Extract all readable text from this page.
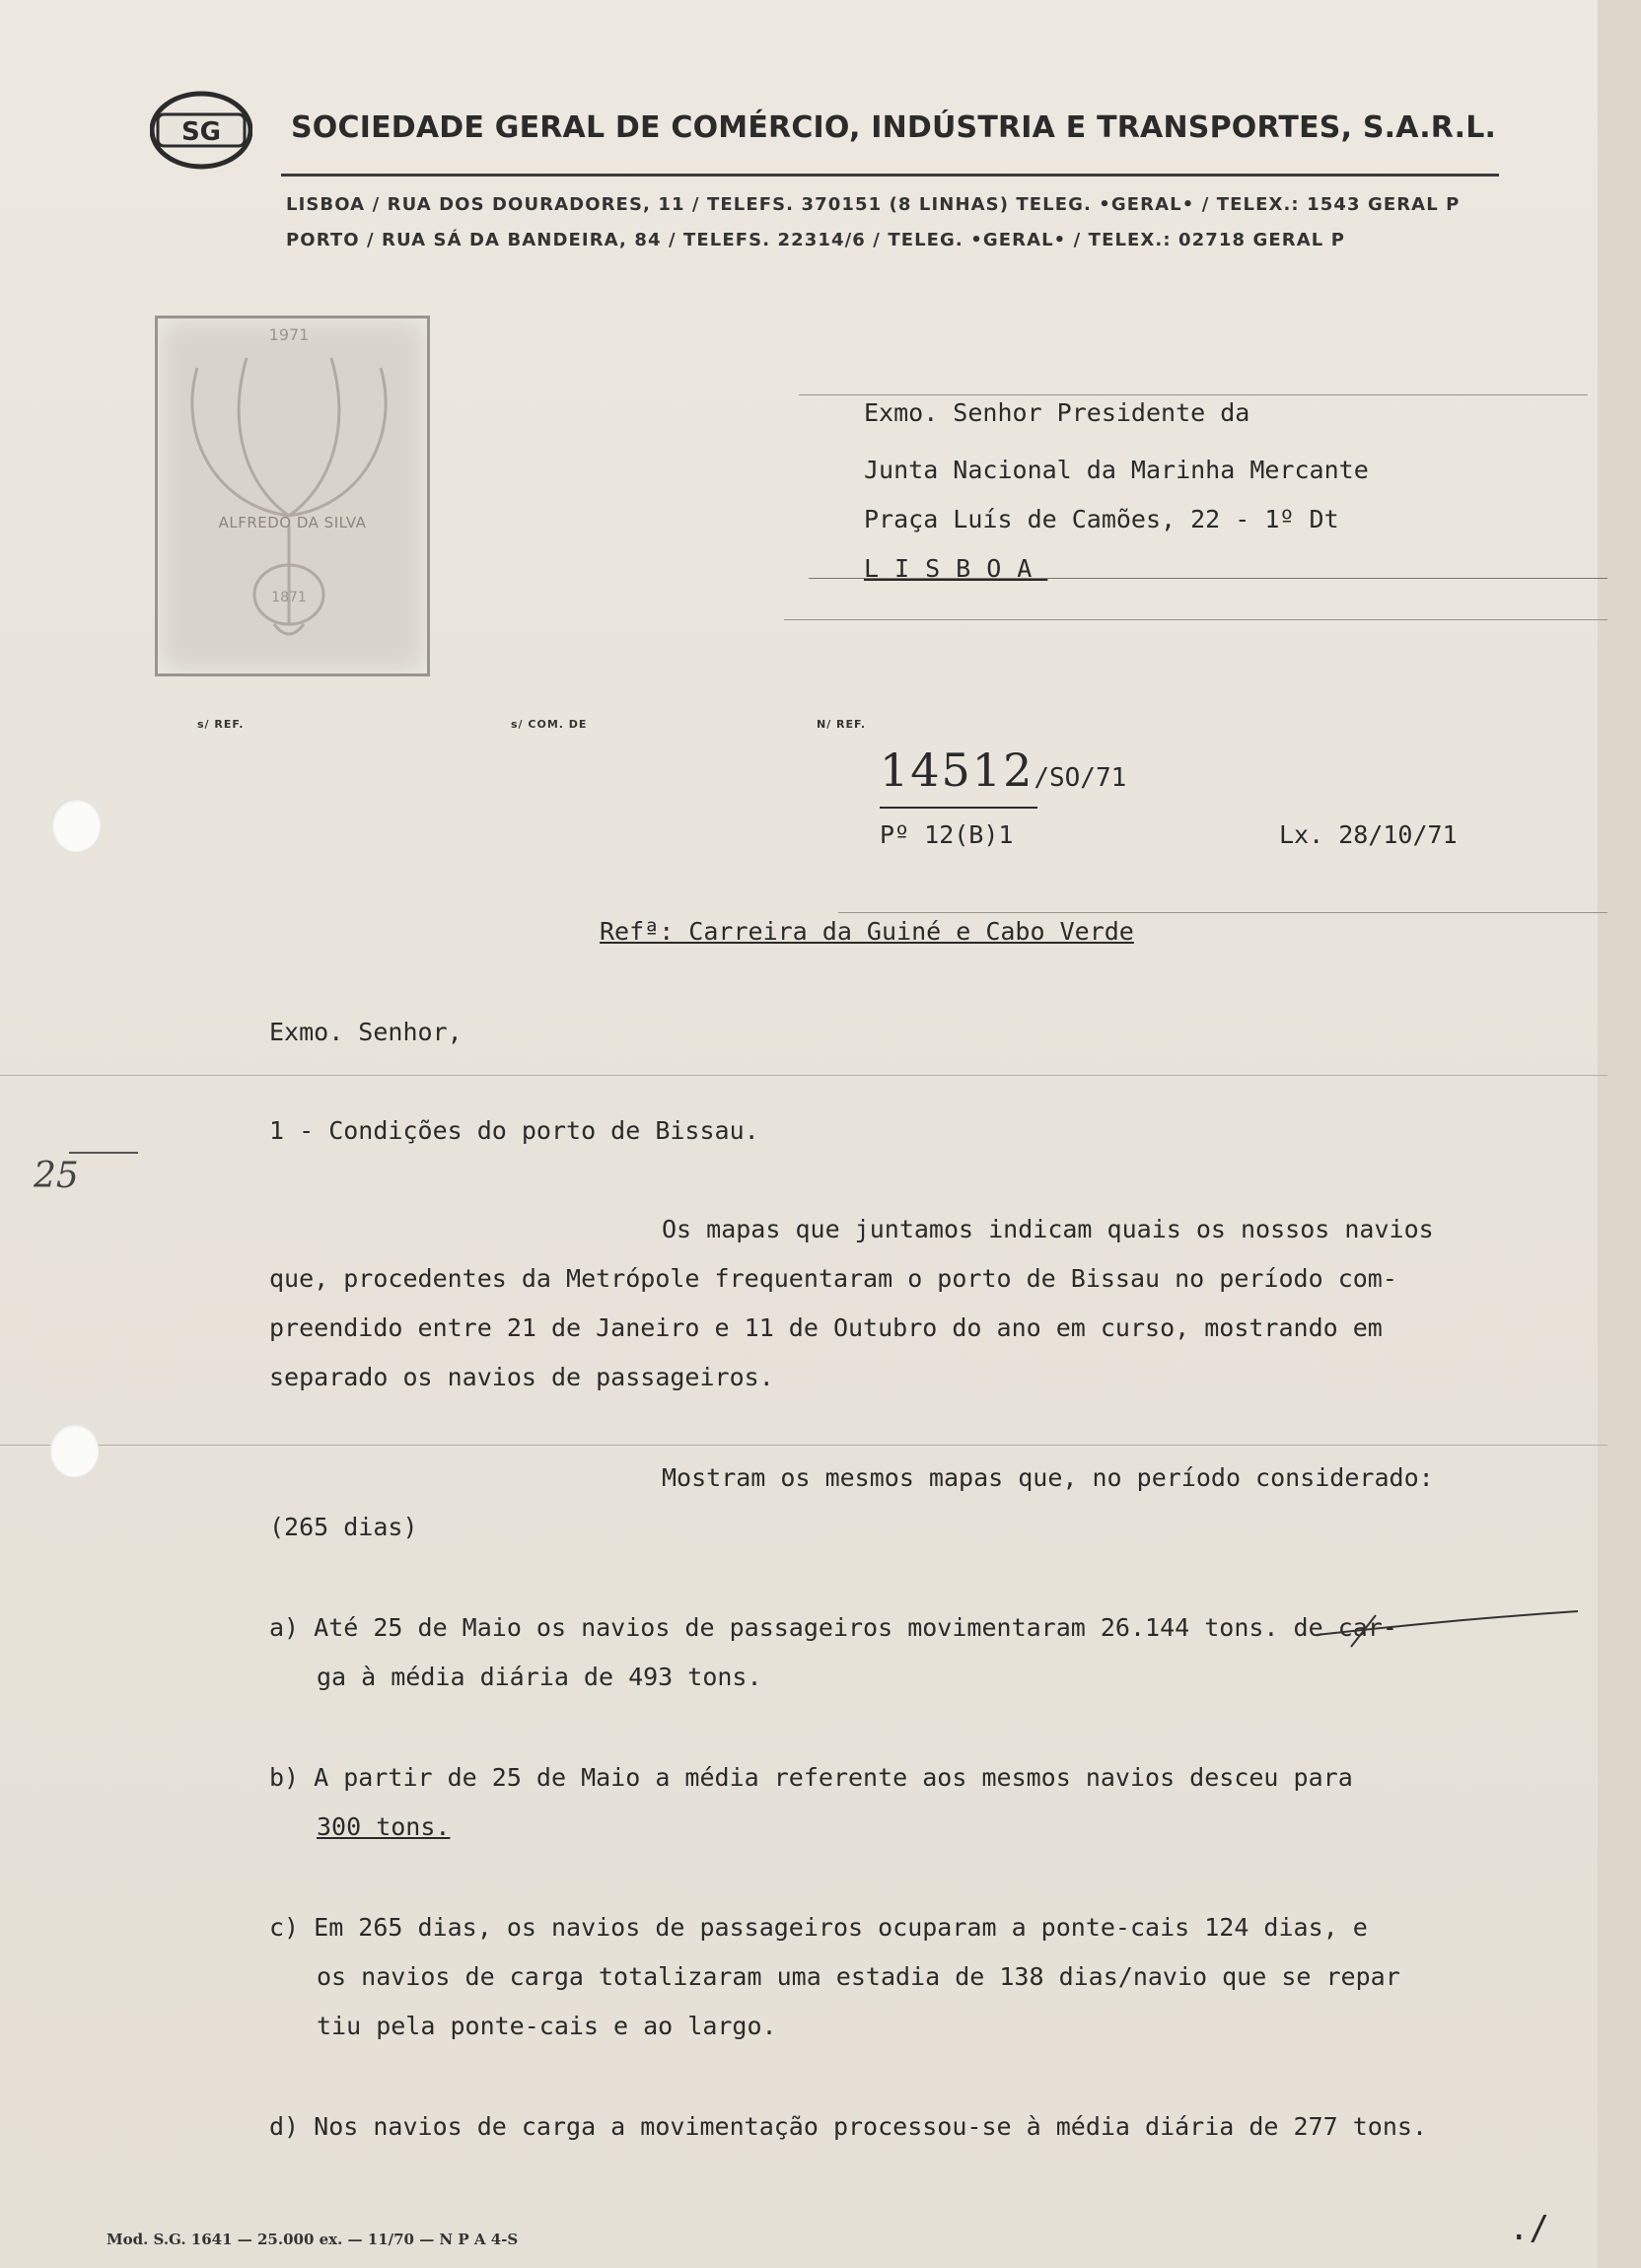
SG SOCIEDADE GERAL DE COMÉRCIO, INDÚSTRIA E TRANSPORTES, S.A.R.L.
LISBOA / RUA DOS DOURADORES, 11 / TELEFS. 370151 (8 LINHAS) TELEG. •GERAL• / TELEX.: 1543 GERAL P
PORTO / RUA SÁ DA BANDEIRA, 84 / TELEFS. 22314/6 / TELEG. •GERAL• / TELEX.: 02718 GERAL P
1971
1871
ALFREDO DA SILVA
s/ REF.	s/ COM. DE	N/ REF.
Exmo. Senhor Presidente da
Junta Nacional da Marinha Mercante
Praça Luís de Camões, 22 - 1º Dt
LISBOA
14512/SO/71
Pº 12(B)1	Lx. 28/10/71
Refª: Carreira da Guiné e Cabo Verde
Exmo. Senhor,
25
1 - Condições do porto de Bissau.
Os mapas que juntamos indicam quais os nossos navios
que, procedentes da Metrópole frequentaram o porto de Bissau no período com-
preendido entre 21 de Janeiro e 11 de Outubro do ano em curso, mostrando em
separado os navios de passageiros.
Mostram os mesmos mapas que, no período considerado:
(265 dias)
a) Até 25 de Maio os navios de passageiros movimentaram 26.144 tons. de car-
ga à média diária de 493 tons.
b) A partir de 25 de Maio a média referente aos mesmos navios desceu para
300 tons.
c) Em 265 dias, os navios de passageiros ocuparam a ponte-cais 124 dias, e
os navios de carga totalizaram uma estadia de 138 dias/navio que se repar
tiu pela ponte-cais e ao largo.
d) Nos navios de carga a movimentação processou-se à média diária de 277 tons.
./
Mod. S.G. 1641 — 25.000 ex. — 11/70 — N P A 4-S
